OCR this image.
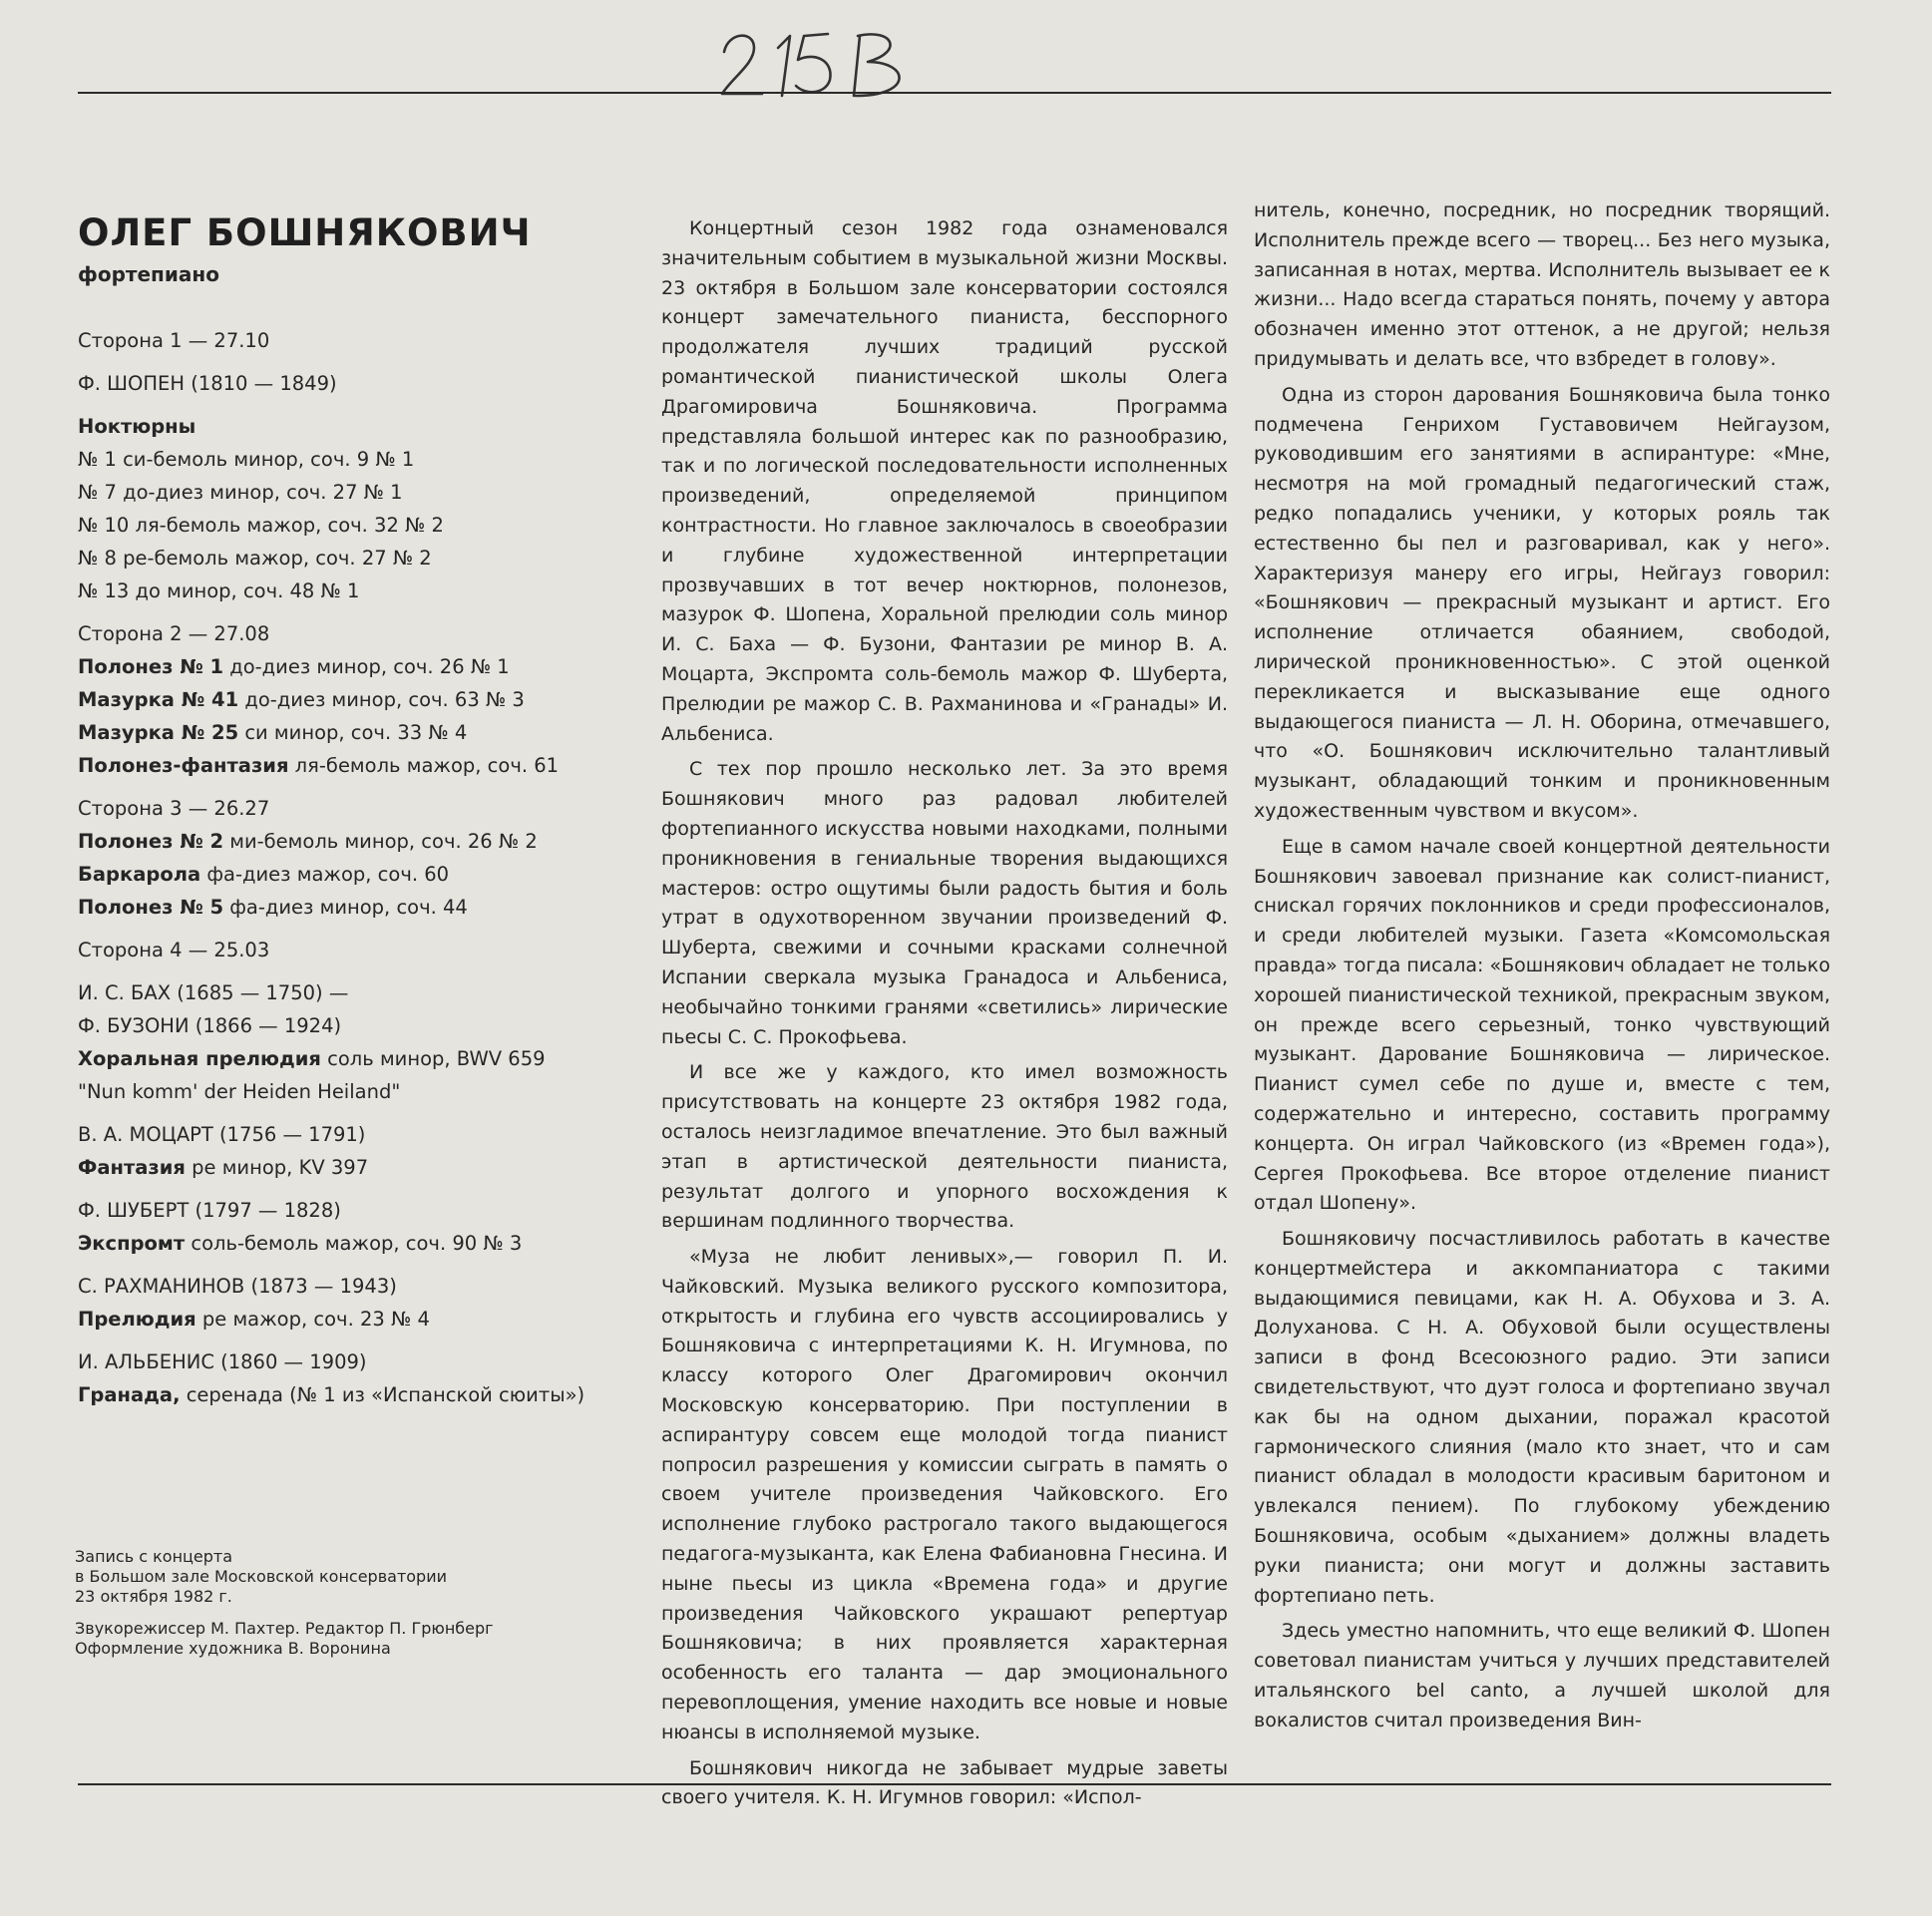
ОЛЕГ БОШНЯКОВИЧ
фортепиано
Сторона 1 — 27.10
Ф. ШОПЕН (1810 — 1849)
Ноктюрны
№ 1 си-бемоль минор, соч. 9 № 1
№ 7 до-диез минор, соч. 27 № 1
№ 10 ля-бемоль мажор, соч. 32 № 2
№ 8 ре-бемоль мажор, соч. 27 № 2
№ 13 до минор, соч. 48 № 1
Сторона 2 — 27.08
Полонез № 1 до-диез минор, соч. 26 № 1
Мазурка № 41 до-диез минор, соч. 63 № 3
Мазурка № 25 си минор, соч. 33 № 4
Полонез-фантазия ля-бемоль мажор, соч. 61
Сторона 3 — 26.27
Полонез № 2 ми-бемоль минор, соч. 26 № 2
Баркарола фа-диез мажор, соч. 60
Полонез № 5 фа-диез минор, соч. 44
Сторона 4 — 25.03
И. С. БАХ (1685 — 1750) —
Ф. БУЗОНИ (1866 — 1924)
Хоральная прелюдия соль минор, BWV 659
"Nun komm' der Heiden Heiland"
В. А. МОЦАРТ (1756 — 1791)
Фантазия ре минор, KV 397
Ф. ШУБЕРТ (1797 — 1828)
Экспромт соль-бемоль мажор, соч. 90 № 3
С. РАХМАНИНОВ (1873 — 1943)
Прелюдия ре мажор, соч. 23 № 4
И. АЛЬБЕНИС (1860 — 1909)
Гранада, серенада (№ 1 из «Испанской сюиты»)
Запись с концерта
в Большом зале Московской консерватории
23 октября 1982 г.
Звукорежиссер М. Пахтер. Редактор П. Грюнберг
Оформление художника В. Воронина

Концертный сезон 1982 года ознаменовался значительным событием в музыкальной жизни Москвы. 23 октября в Большом зале консерватории состоялся концерт замечательного пианиста, бесспорного продолжателя лучших традиций русской романтической пианистической школы Олега Драгомировича Бошняковича. Программа представляла большой интерес как по разнообразию, так и по логической последовательности исполненных произведений, определяемой принципом контрастности. Но главное заключалось в своеобразии и глубине художественной интерпретации прозвучавших в тот вечер ноктюрнов, полонезов, мазурок Ф. Шопена, Хоральной прелюдии соль минор И. С. Баха — Ф. Бузони, Фантазии ре минор В. А. Моцарта, Экспромта соль-бемоль мажор Ф. Шуберта, Прелюдии ре мажор С. В. Рахманинова и «Гранады» И. Альбениса.

С тех пор прошло несколько лет. За это время Бошнякович много раз радовал любителей фортепианного искусства новыми находками, полными проникновения в гениальные творения выдающихся мастеров: остро ощутимы были радость бытия и боль утрат в одухотворенном звучании произведений Ф. Шуберта, свежими и сочными красками солнечной Испании сверкала музыка Гранадоса и Альбениса, необычайно тонкими гранями «светились» лирические пьесы С. С. Прокофьева.

И все же у каждого, кто имел возможность присутствовать на концерте 23 октября 1982 года, осталось неизгладимое впечатление. Это был важный этап в артистической деятельности пианиста, результат долгого и упорного восхождения к вершинам подлинного творчества.

«Муза не любит ленивых»,— говорил П. И. Чайковский. Музыка великого русского композитора, открытость и глубина его чувств ассоциировались у Бошняковича с интерпретациями К. Н. Игумнова, по классу которого Олег Драгомирович окончил Московскую консерваторию. При поступлении в аспирантуру совсем еще молодой тогда пианист попросил разрешения у комиссии сыграть в память о своем учителе произведения Чайковского. Его исполнение глубоко растрогало такого выдающегося педагога-музыканта, как Елена Фабиановна Гнесина. И ныне пьесы из цикла «Времена года» и другие произведения Чайковского украшают репертуар Бошняковича; в них проявляется характерная особенность его таланта — дар эмоционального перевоплощения, умение находить все новые и новые нюансы в исполняемой музыке.

Бошнякович никогда не забывает мудрые заветы своего учителя. К. Н. Игумнов говорил: «Испол-

нитель, конечно, посредник, но посредник творящий. Исполнитель прежде всего — творец... Без него музыка, записанная в нотах, мертва. Исполнитель вызывает ее к жизни... Надо всегда стараться понять, почему у автора обозначен именно этот оттенок, а не другой; нельзя придумывать и делать все, что взбредет в голову».

Одна из сторон дарования Бошняковича была тонко подмечена Генрихом Густавовичем Нейгаузом, руководившим его занятиями в аспирантуре: «Мне, несмотря на мой громадный педагогический стаж, редко попадались ученики, у которых рояль так естественно бы пел и разговаривал, как у него». Характеризуя манеру его игры, Нейгауз говорил: «Бошнякович — прекрасный музыкант и артист. Его исполнение отличается обаянием, свободой, лирической проникновенностью». С этой оценкой перекликается и высказывание еще одного выдающегося пианиста — Л. Н. Оборина, отмечавшего, что «О. Бошнякович исключительно талантливый музыкант, обладающий тонким и проникновенным художественным чувством и вкусом».

Еще в самом начале своей концертной деятельности Бошнякович завоевал признание как солист-пианист, снискал горячих поклонников и среди профессионалов, и среди любителей музыки. Газета «Комсомольская правда» тогда писала: «Бошнякович обладает не только хорошей пианистической техникой, прекрасным звуком, он прежде всего серьезный, тонко чувствующий музыкант. Дарование Бошняковича — лирическое. Пианист сумел себе по душе и, вместе с тем, содержательно и интересно, составить программу концерта. Он играл Чайковского (из «Времен года»), Сергея Прокофьева. Все второе отделение пианист отдал Шопену».

Бошняковичу посчастливилось работать в качестве концертмейстера и аккомпаниатора с такими выдающимися певицами, как Н. А. Обухова и З. А. Долуханова. С Н. А. Обуховой были осуществлены записи в фонд Всесоюзного радио. Эти записи свидетельствуют, что дуэт голоса и фортепиано звучал как бы на одном дыхании, поражал красотой гармонического слияния (мало кто знает, что и сам пианист обладал в молодости красивым баритоном и увлекался пением). По глубокому убеждению Бошняковича, особым «дыханием» должны владеть руки пианиста; они могут и должны заставить фортепиано петь.

Здесь уместно напомнить, что еще великий Ф. Шопен советовал пианистам учиться у лучших представителей итальянского bel canto, а лучшей школой для вокалистов считал произведения Вин-
